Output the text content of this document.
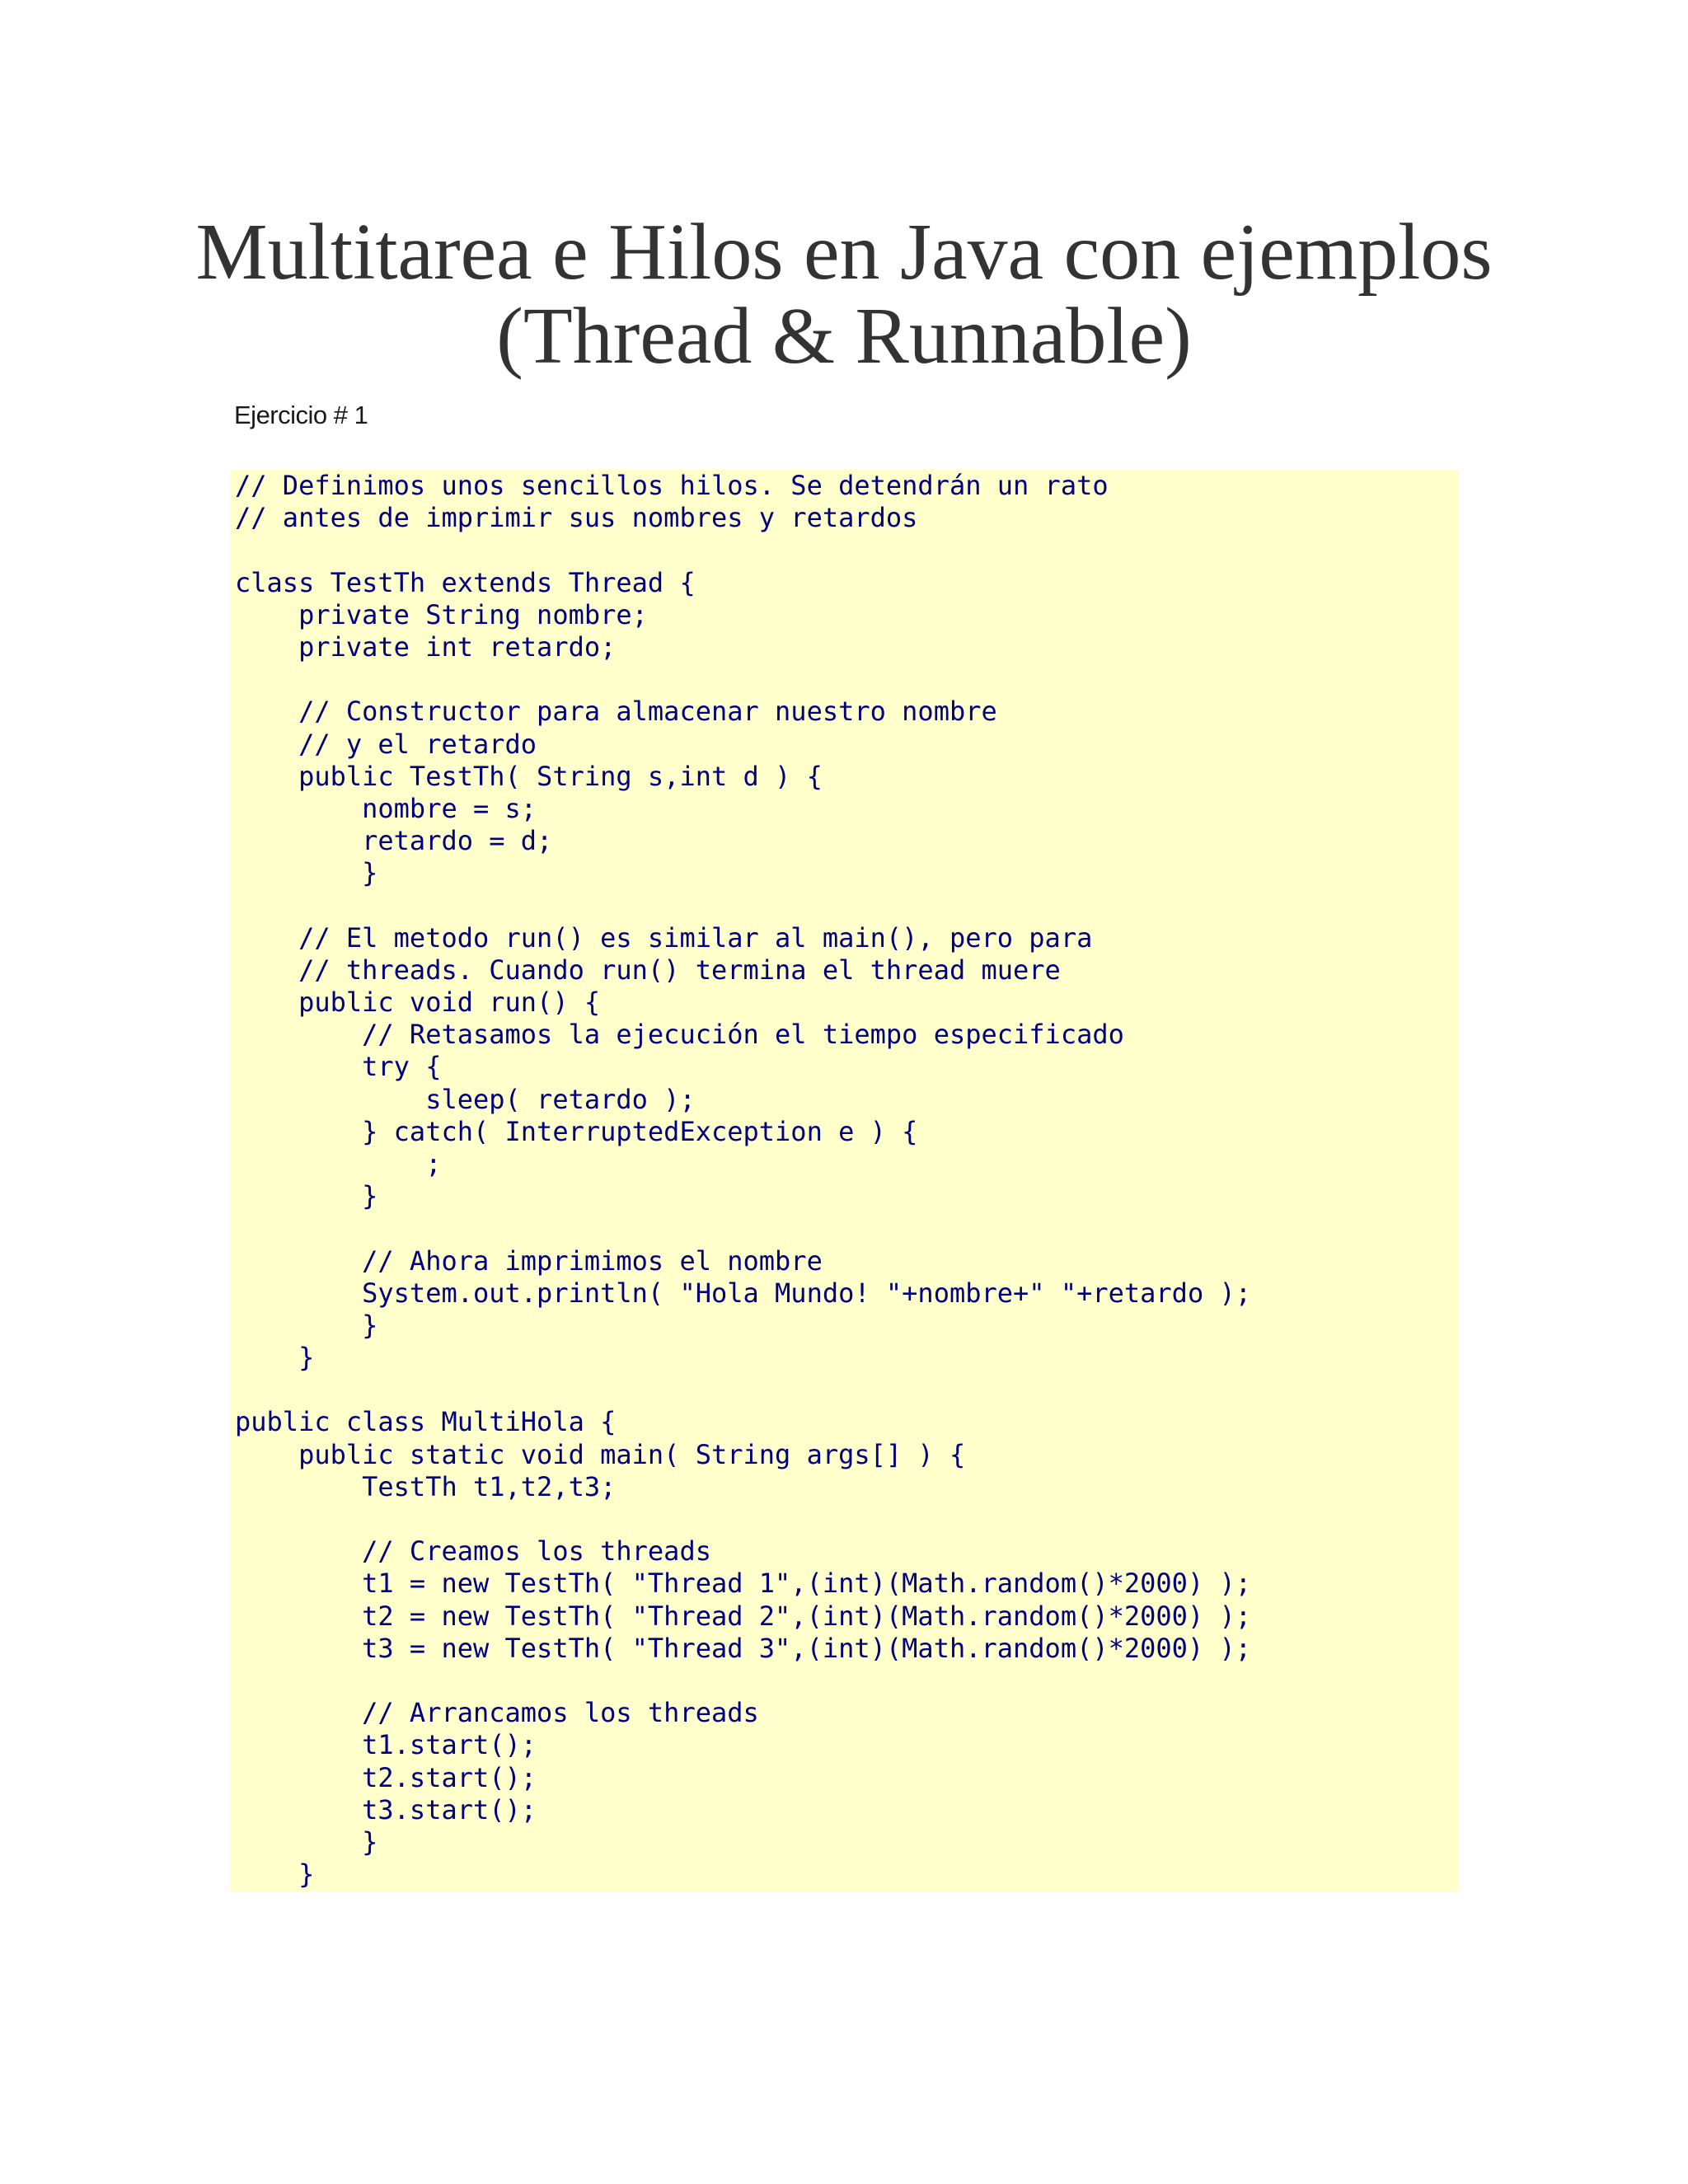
Multitarea e Hilos en Java con ejemplos
(Thread & Runnable)

Ejercicio # 1

// Definimos unos sencillos hilos. Se detendrán un rato
// antes de imprimir sus nombres y retardos
class TestTh extends Thread {
private String nombre;
private int retardo;
// Constructor para almacenar nuestro nombre
// y el retardo
public TestTh( String s,int d ) {
nombre = s;
retardo = d;
}
// El metodo run() es similar al main(), pero para
// threads. Cuando run() termina el thread muere
public void run() {
// Retasamos la ejecución el tiempo especificado
try {
sleep( retardo );
} catch( InterruptedException e ) {
;
}
// Ahora imprimimos el nombre
System.out.println( "Hola Mundo! "+nombre+" "+retardo );
}
}
public class MultiHola {
public static void main( String args[] ) {
TestTh t1,t2,t3;
// Creamos los threads
t1 = new TestTh( "Thread 1",(int)(Math.random()*2000) );
t2 = new TestTh( "Thread 2",(int)(Math.random()*2000) );
t3 = new TestTh( "Thread 3",(int)(Math.random()*2000) );
// Arrancamos los threads
t1.start();
t2.start();
t3.start();
}
}
